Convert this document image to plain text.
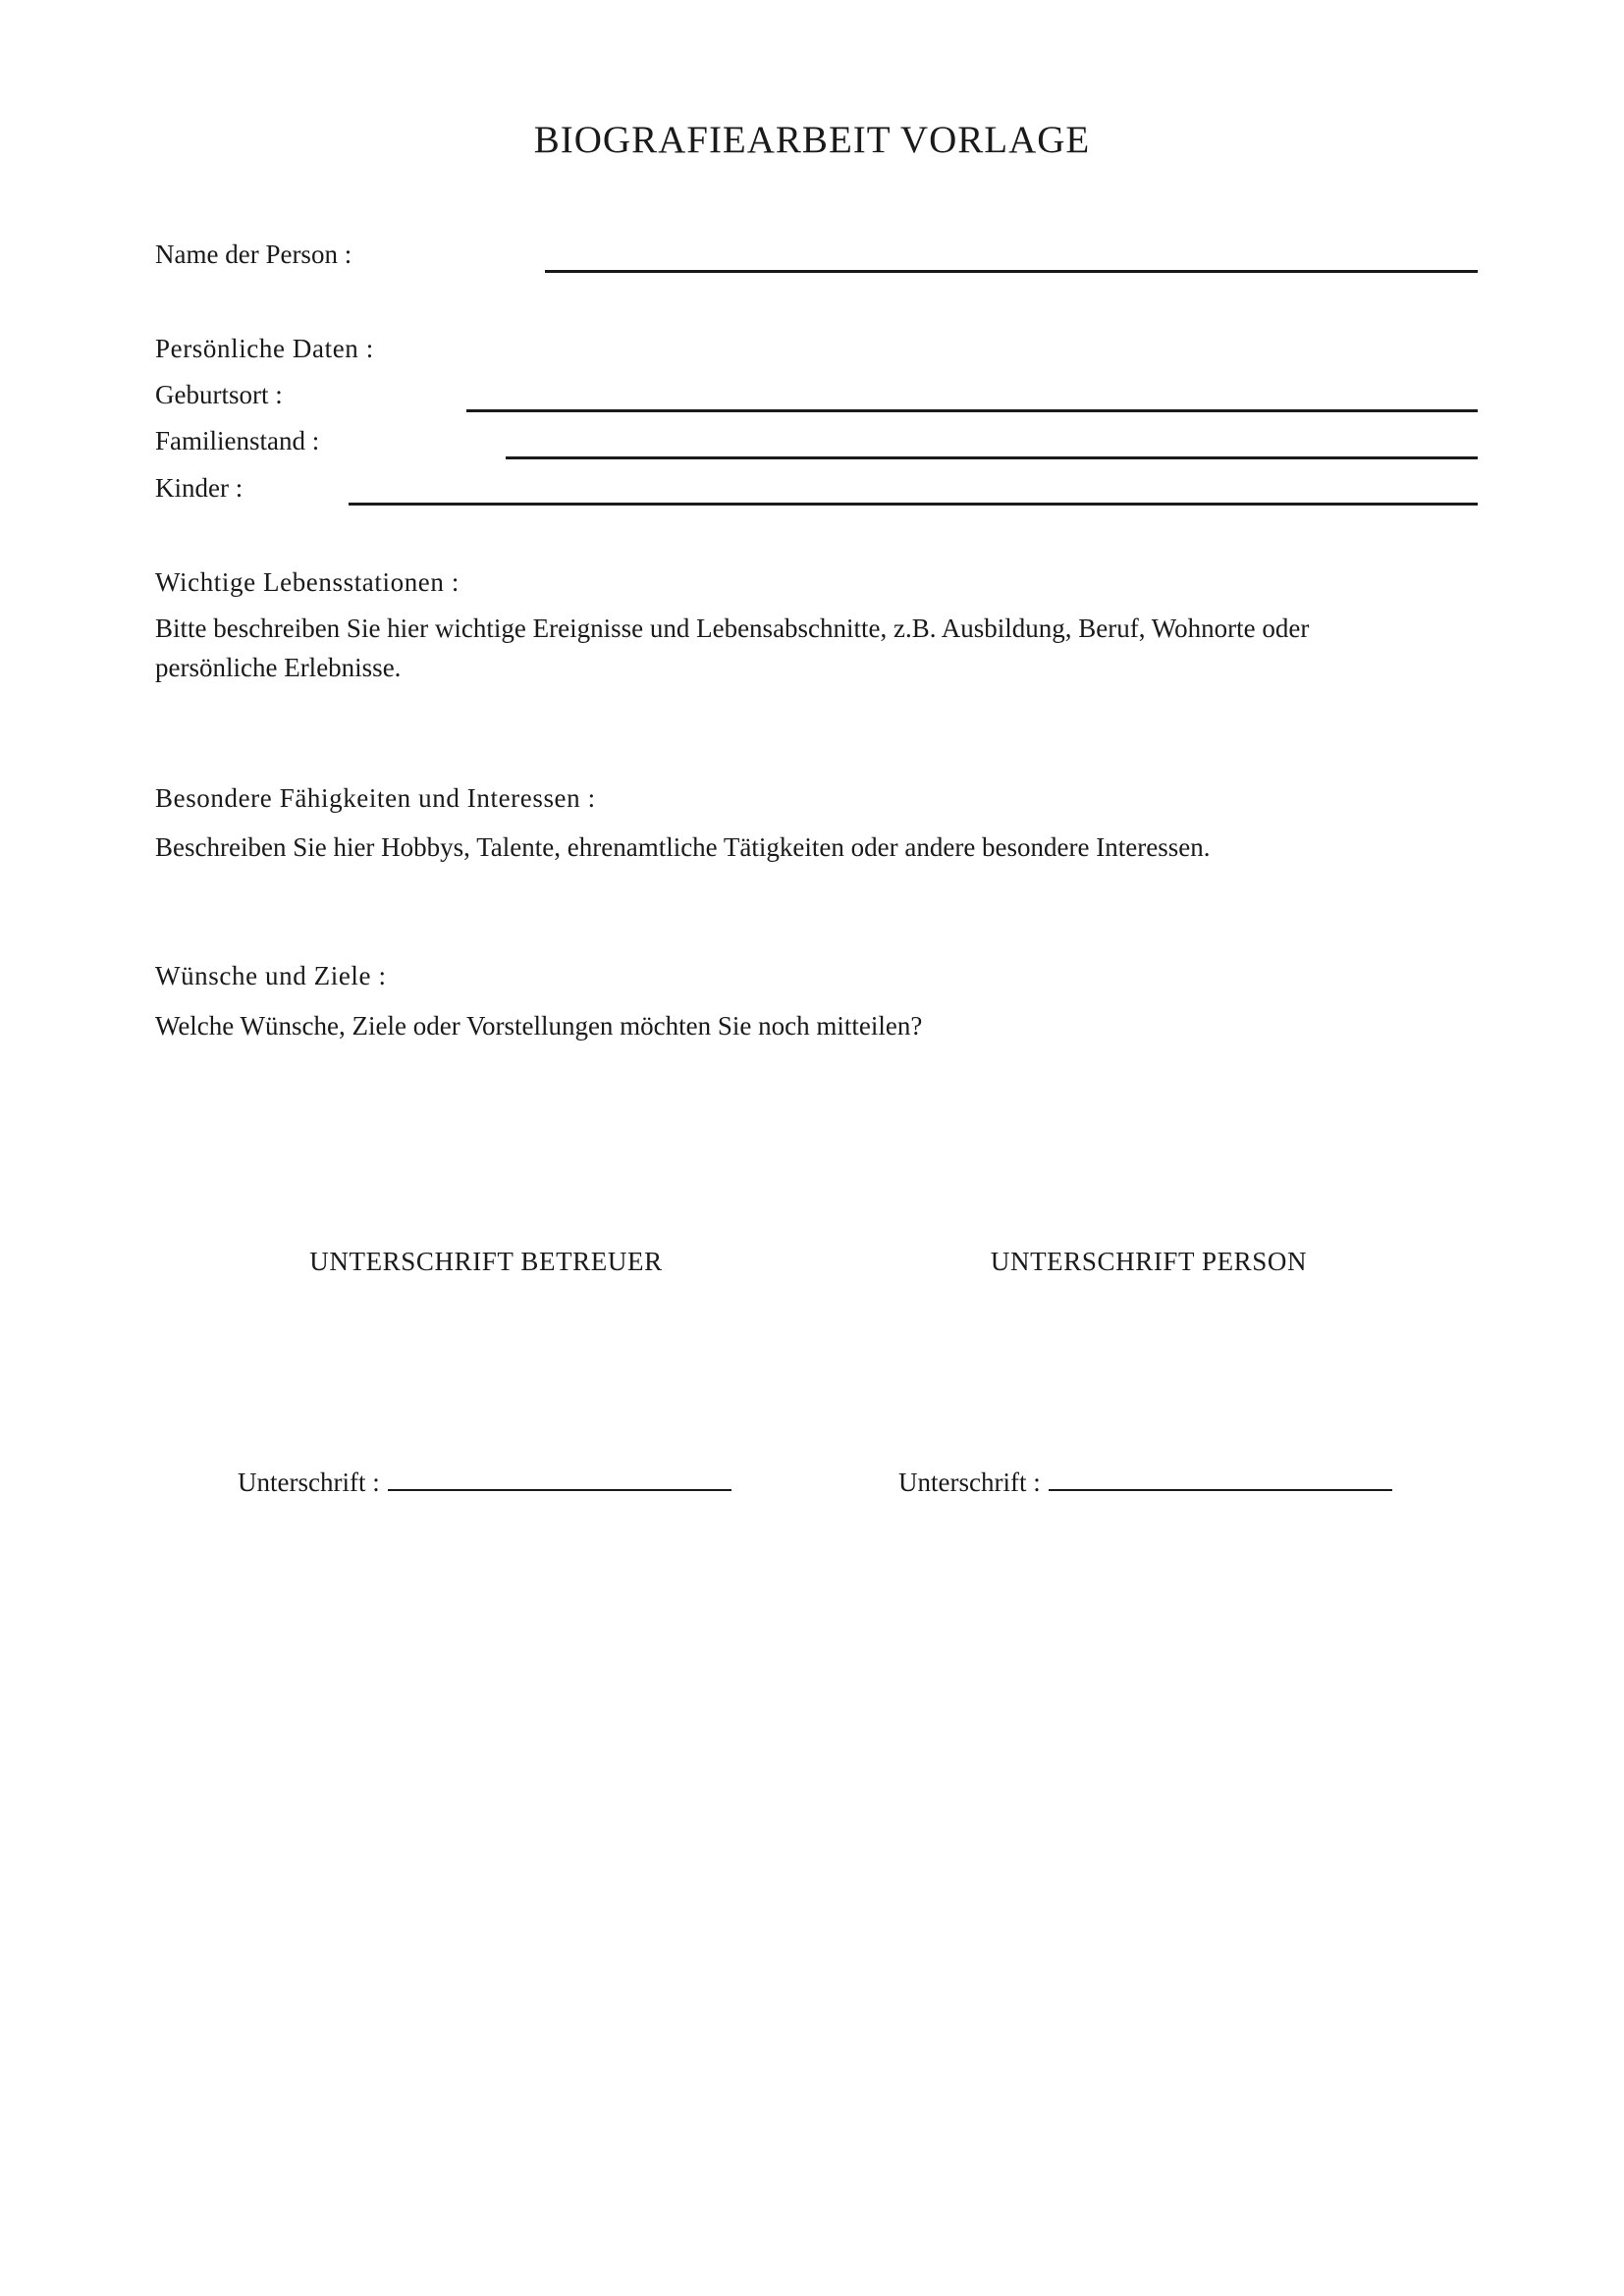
BIOGRAFIEARBEIT VORLAGE
Name der Person :
Persönliche Daten :
Geburtsort :
Familienstand :
Kinder :
Wichtige Lebensstationen :
Bitte beschreiben Sie hier wichtige Ereignisse und Lebensabschnitte, z.B. Ausbildung, Beruf, Wohnorte oder persönliche Erlebnisse.
Besondere Fähigkeiten und Interessen :
Beschreiben Sie hier Hobbys, Talente, ehrenamtliche Tätigkeiten oder andere besondere Interessen.
Wünsche und Ziele :
Welche Wünsche, Ziele oder Vorstellungen möchten Sie noch mitteilen?
UNTERSCHRIFT BETREUER	UNTERSCHRIFT PERSON
Unterschrift :	Unterschrift :
